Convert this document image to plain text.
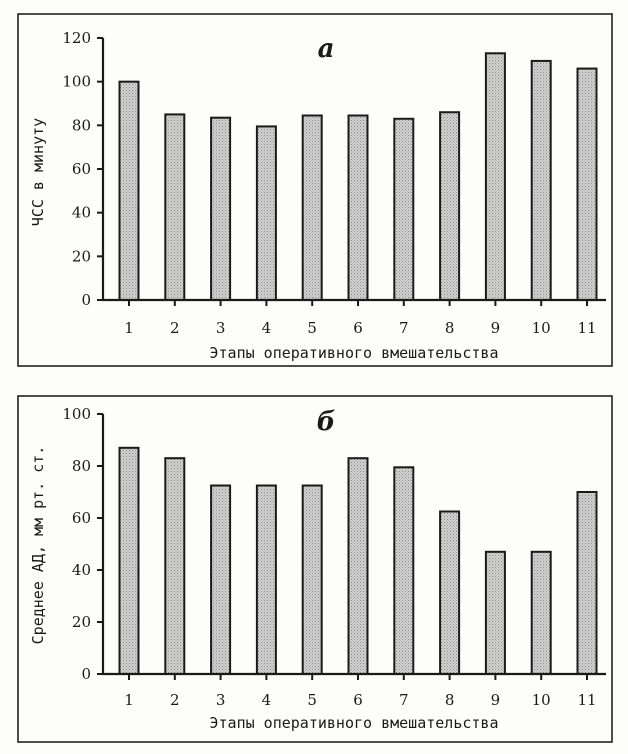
а
ЧСС в минуту
Этапы оперативного вмешательства
0
20
40
60
80
100
120
1 2 3 4 5 6 7 8 9 10 11
б
Среднее АД, мм рт. ст.
Этапы оперативного вмешательства
0
20
40
60
80
100
1 2 3 4 5 6 7 8 9 10 11
